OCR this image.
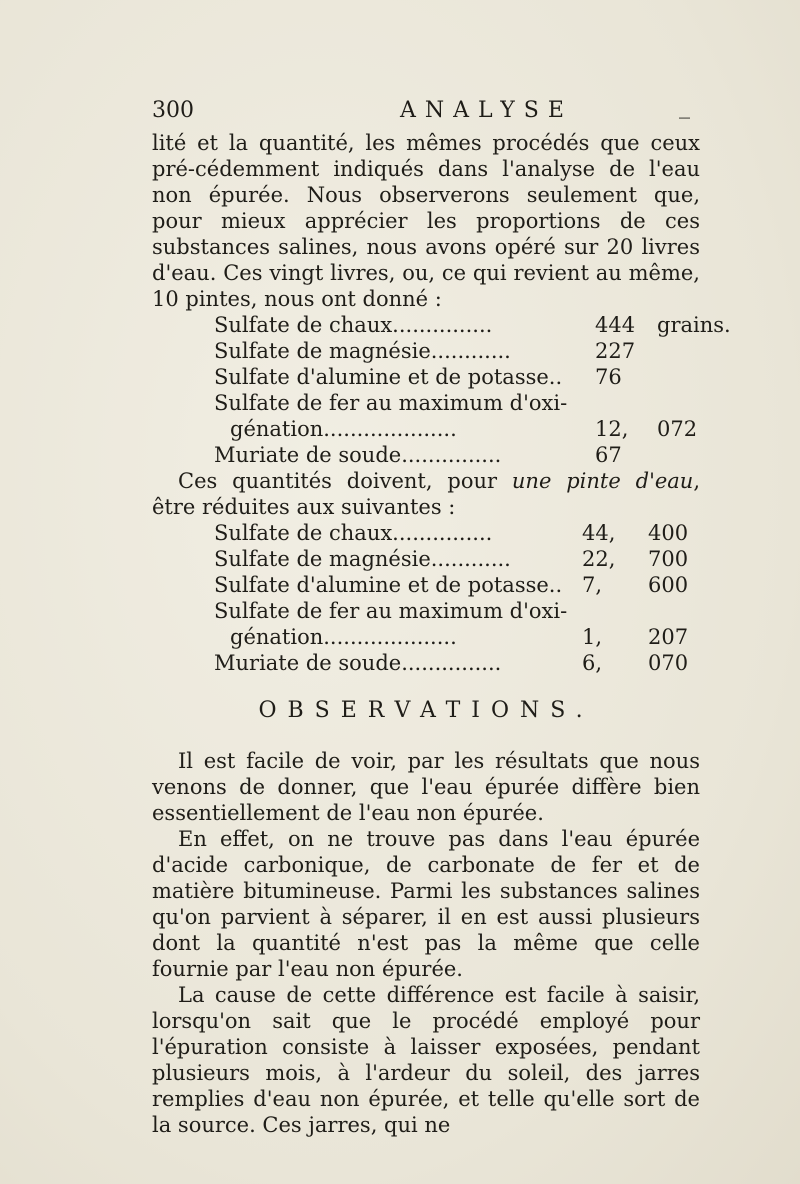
300	ANALYSE	_

lité et la quantité, les mêmes procédés que ceux pré-cédemment indiqués dans l'analyse de l'eau non épurée. Nous observerons seulement que, pour mieux apprécier les proportions de ces substances salines, nous avons opéré sur 20 livres d'eau. Ces vingt livres, ou, ce qui revient au même, 10 pintes, nous ont donné :

Sulfate de chaux...............	444 grains.
Sulfate de magnésie............	227
Sulfate d'alumine et de potasse.. 76
Sulfate de fer au maximum d'oxi-
génation....................	12, 072
Muriate de soude...............	67

Ces quantités doivent, pour une pinte d'eau, être réduites aux suivantes :

Sulfate de chaux...............	44, 400
Sulfate de magnésie............	22, 700
Sulfate d'alumine et de potasse.. 7, 600
Sulfate de fer au maximum d'oxi-
génation....................	1, 207
Muriate de soude...............	6, 070
OBSERVATIONS.

Il est facile de voir, par les résultats que nous venons de donner, que l'eau épurée diffère bien essentiellement de l'eau non épurée.

En effet, on ne trouve pas dans l'eau épurée d'acide carbonique, de carbonate de fer et de matière bitumineuse. Parmi les substances salines qu'on parvient à séparer, il en est aussi plusieurs dont la quantité n'est pas la même que celle fournie par l'eau non épurée.

La cause de cette différence est facile à saisir, lorsqu'on sait que le procédé employé pour l'épuration consiste à laisser exposées, pendant plusieurs mois, à l'ardeur du soleil, des jarres remplies d'eau non épurée, et telle qu'elle sort de la source. Ces jarres, qui ne
